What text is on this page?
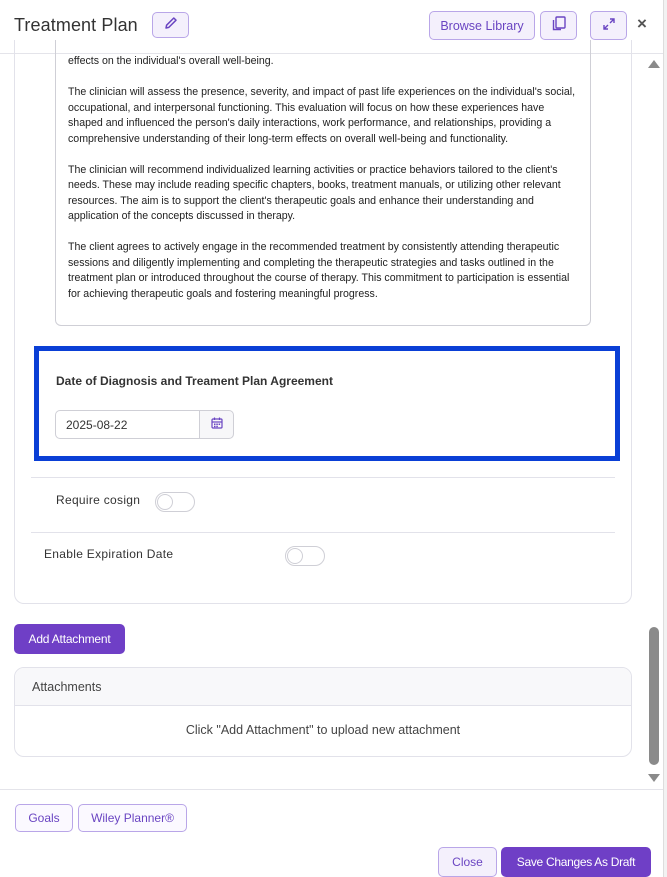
Treatment Plan	Browse Library	×

effects on the individual's overall well-being.

The clinician will assess the presence, severity, and impact of past life experiences on the individual's social, occupational, and interpersonal functioning. This evaluation will focus on how these experiences have shaped and influenced the person's daily interactions, work performance, and relationships, providing a comprehensive understanding of their long-term effects on overall well-being and functionality.

The clinician will recommend individualized learning activities or practice behaviors tailored to the client's needs. These may include reading specific chapters, books, treatment manuals, or utilizing other relevant resources. The aim is to support the client's therapeutic goals and enhance their understanding and application of the concepts discussed in therapy.

The client agrees to actively engage in the recommended treatment by consistently attending therapeutic sessions and diligently implementing and completing the therapeutic strategies and tasks outlined in the treatment plan or introduced throughout the course of therapy. This commitment to participation is essential for achieving therapeutic goals and fostering meaningful progress.

Date of Diagnosis and Treament Plan Agreement
2025-08-22
Require cosign
Enable Expiration Date
Add Attachment
Attachments
Click "Add Attachment" to upload new attachment
Goals	Wiley Planner®
Close	Save Changes As Draft
